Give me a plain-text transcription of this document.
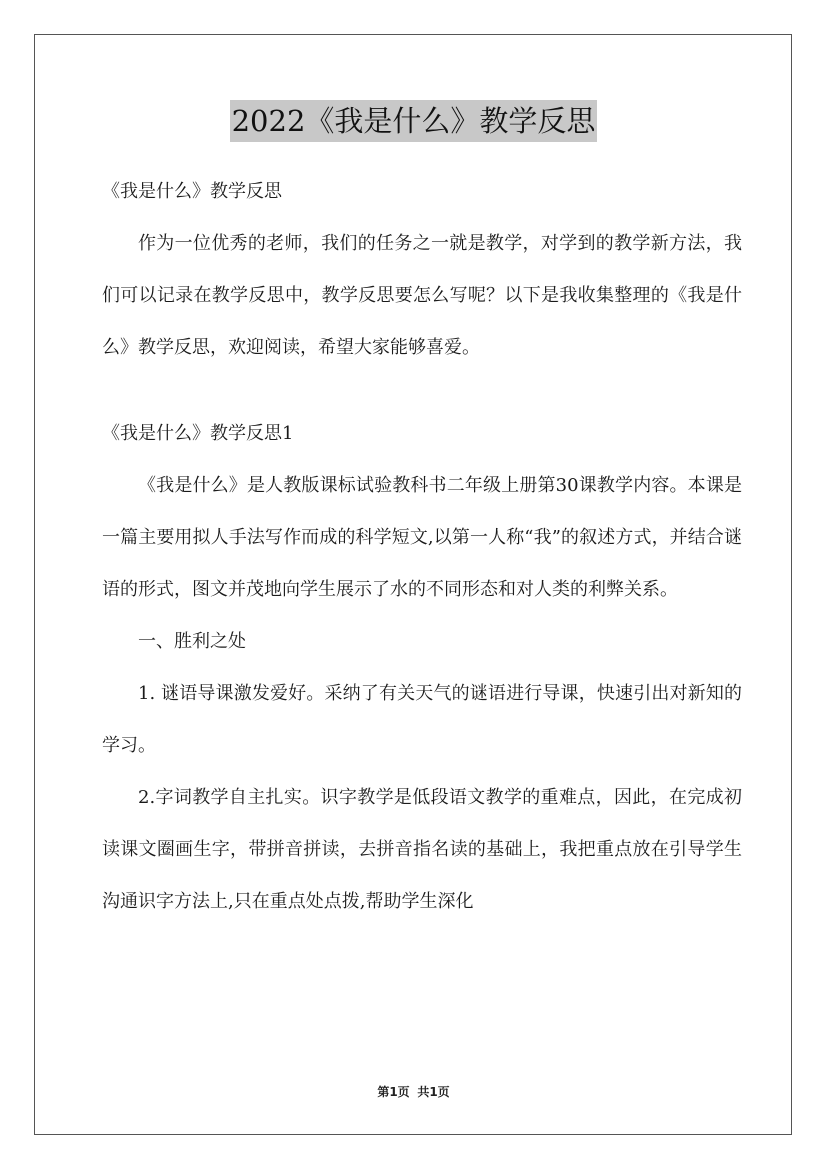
2022《我是什么》教学反思

《我是什么》教学反思

作为一位优秀的老师，我们的任务之一就是教学，对学到的教学新方法，我们可以记录在教学反思中，教学反思要怎么写呢？以下是我收集整理的《我是什么》教学反思，欢迎阅读，希望大家能够喜爱。

《我是什么》教学反思1

《我是什么》是人教版课标试验教科书二年级上册第30课教学内容。本课是一篇主要用拟人手法写作而成的科学短文,以第一人称“我”的叙述方式，并结合谜语的形式，图文并茂地向学生展示了水的不同形态和对人类的利弊关系。

一、胜利之处

1. 谜语导课激发爱好。采纳了有关天气的谜语进行导课，快速引出对新知的学习。

2.字词教学自主扎实。识字教学是低段语文教学的重难点，因此，在完成初读课文圈画生字，带拼音拼读，去拼音指名读的基础上，我把重点放在引导学生沟通识字方法上,只在重点处点拨,帮助学生深化

第1页 共1页
